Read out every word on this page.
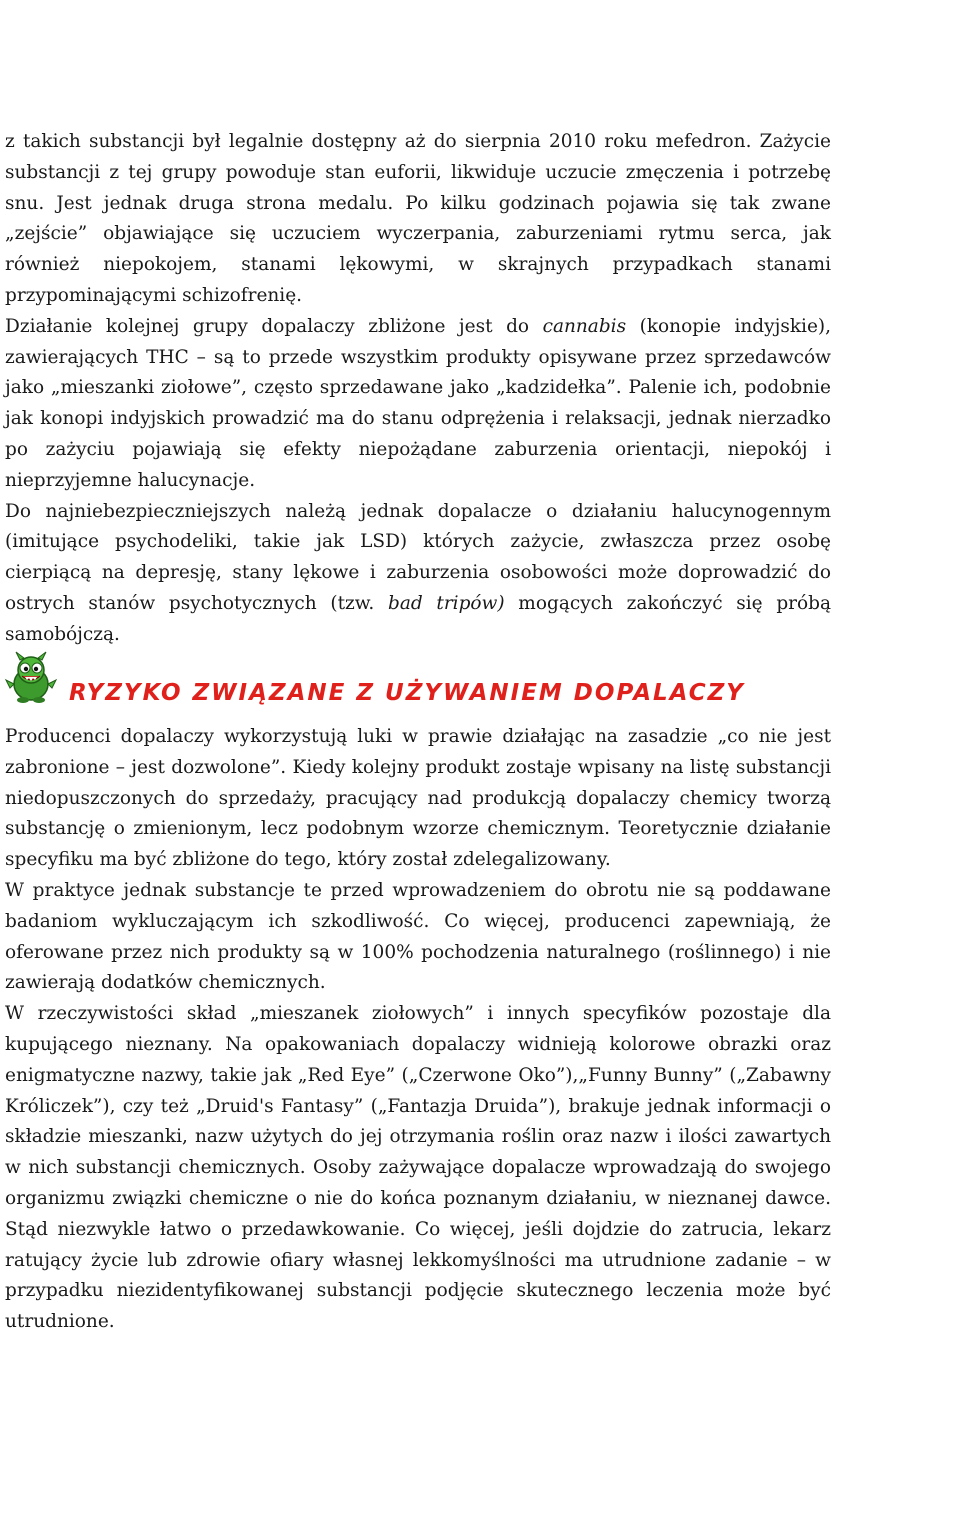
z takich substancji był legalnie dostępny aż do sierpnia 2010 roku mefedron. Zażycie substancji z tej grupy powoduje stan euforii, likwiduje uczucie zmęczenia i potrzebę snu. Jest jednak druga strona medalu. Po kilku godzinach pojawia się tak zwane „zejście” objawiające się uczuciem wyczerpania, zaburzeniami rytmu serca, jak również niepokojem, stanami lękowymi, w skrajnych przypadkach stanami przypominającymi schizofrenię.

Działanie kolejnej grupy dopalaczy zbliżone jest do cannabis (konopie indyjskie), zawierających THC – są to przede wszystkim produkty opisywane przez sprzedawców jako „mieszanki ziołowe”, często sprzedawane jako „kadzidełka”. Palenie ich, podobnie jak konopi indyjskich prowadzić ma do stanu odprężenia i relaksacji, jednak nierzadko po zażyciu pojawiają się efekty niepożądane zaburzenia orientacji, niepokój i nieprzyjemne halucynacje.

Do najniebezpieczniejszych należą jednak dopalacze o działaniu halucynogennym (imitujące psychodeliki, takie jak LSD) których zażycie, zwłaszcza przez osobę cierpiącą na depresję, stany lękowe i zaburzenia osobowości może doprowadzić do ostrych stanów psychotycznych (tzw. bad tripów) mogących zakończyć się próbą samobójczą.

RYZYKO ZWIĄZANE Z UŻYWANIEM DOPALACZY

Producenci dopalaczy wykorzystują luki w prawie działając na zasadzie „co nie jest zabronione – jest dozwolone”. Kiedy kolejny produkt zostaje wpisany na listę substancji niedopuszczonych do sprzedaży, pracujący nad produkcją dopalaczy chemicy tworzą substancję o zmienionym, lecz podobnym wzorze chemicznym. Teoretycznie działanie specyfiku ma być zbliżone do tego, który został zdelegalizowany.

W praktyce jednak substancje te przed wprowadzeniem do obrotu nie są poddawane badaniom wykluczającym ich szkodliwość. Co więcej, producenci zapewniają, że oferowane przez nich produkty są w 100% pochodzenia naturalnego (roślinnego) i nie zawierają dodatków chemicznych.

W rzeczywistości skład „mieszanek ziołowych” i innych specyfików pozostaje dla kupującego nieznany. Na opakowaniach dopalaczy widnieją kolorowe obrazki oraz enigmatyczne nazwy, takie jak „Red Eye” („Czerwone Oko”),„Funny Bunny” („Zabawny Króliczek”), czy też „Druid's Fantasy” („Fantazja Druida”), brakuje jednak informacji o składzie mieszanki, nazw użytych do jej otrzymania roślin oraz nazw i ilości zawartych w nich substancji chemicznych. Osoby zażywające dopalacze wprowadzają do swojego organizmu związki chemiczne o nie do końca poznanym działaniu, w nieznanej dawce. Stąd niezwykle łatwo o przedawkowanie. Co więcej, jeśli dojdzie do zatrucia, lekarz ratujący życie lub zdrowie ofiary własnej lekkomyślności ma utrudnione zadanie – w przypadku niezidentyfikowanej substancji podjęcie skutecznego leczenia może być utrudnione.
